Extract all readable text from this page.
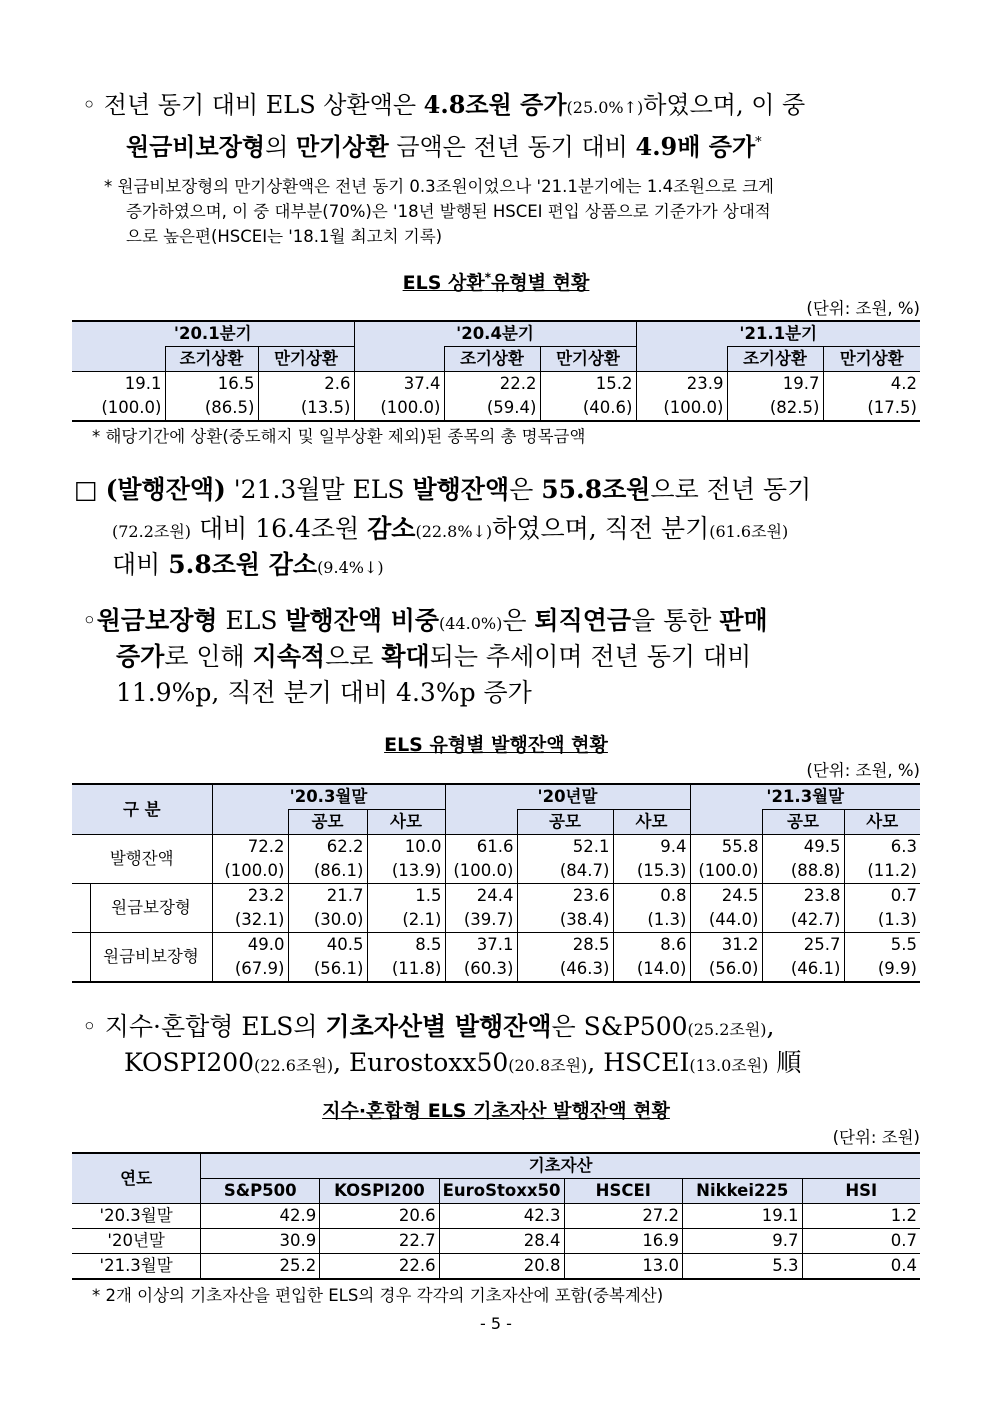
◦ 전년 동기 대비 ELS 상환액은 4.8조원 증가(25.0%↑)하였으며, 이 중
원금비보장형의 만기상환 금액은 전년 동기 대비 4.9배 증가*
* 원금비보장형의 만기상환액은 전년 동기 0.3조원이었으나 '21.1분기에는 1.4조원으로 크게
증가하였으며, 이 중 대부분(70%)은 '18년 발행된 HSCEI 편입 상품으로 기준가가 상대적
으로 높은편(HSCEI는 '18.1월 최고치 기록)
ELS 상환*유형별 현황
(단위: 조원, %)
'20.1분기			'20.4분기			'21.1분기		
	조기상환	만기상환		조기상환	만기상환		조기상환	만기상환
19.1	16.5	2.6	37.4	22.2	15.2	23.9	19.7	4.2
(100.0)	(86.5)	(13.5)	(100.0)	(59.4)	(40.6)	(100.0)	(82.5)	(17.5)
* 해당기간에 상환(중도해지 및 일부상환 제외)된 종목의 총 명목금액
□ (발행잔액) '21.3월말 ELS 발행잔액은 55.8조원으로 전년 동기
(72.2조원) 대비 16.4조원 감소(22.8%↓)하였으며, 직전 분기(61.6조원)
대비 5.8조원 감소(9.4%↓)
◦원금보장형 ELS 발행잔액 비중(44.0%)은 퇴직연금을 통한 판매
증가로 인해 지속적으로 확대되는 추세이며 전년 동기 대비
11.9%p, 직전 분기 대비 4.3%p 증가
ELS 유형별 발행잔액 현황
(단위: 조원, %)
구 분		'20.3월말			'20년말			'21.3월말		
			공모	사모		공모	사모		공모	사모
발행잔액		72.2	62.2	10.0	61.6	52.1	9.4	55.8	49.5	6.3
		(100.0)	(86.1)	(13.9)	(100.0)	(84.7)	(15.3)	(100.0)	(88.8)	(11.2)
	원금보장형	23.2	21.7	1.5	24.4	23.6	0.8	24.5	23.8	0.7
		(32.1)	(30.0)	(2.1)	(39.7)	(38.4)	(1.3)	(44.0)	(42.7)	(1.3)
	원금비보장형	49.0	40.5	8.5	37.1	28.5	8.6	31.2	25.7	5.5
		(67.9)	(56.1)	(11.8)	(60.3)	(46.3)	(14.0)	(56.0)	(46.1)	(9.9)
◦ 지수·혼합형 ELS의 기초자산별 발행잔액은 S&P500(25.2조원),
KOSPI200(22.6조원), Eurostoxx50(20.8조원), HSCEI(13.0조원) 順
지수·혼합형 ELS 기초자산 발행잔액 현황
(단위: 조원)
연도	기초자산					
	S&P500	KOSPI200	EuroStoxx50	HSCEI	Nikkei225	HSI
'20.3월말	42.9	20.6	42.3	27.2	19.1	1.2
'20년말	30.9	22.7	28.4	16.9	9.7	0.7
'21.3월말	25.2	22.6	20.8	13.0	5.3	0.4
* 2개 이상의 기초자산을 편입한 ELS의 경우 각각의 기초자산에 포함(중복계산)
- 5 -
